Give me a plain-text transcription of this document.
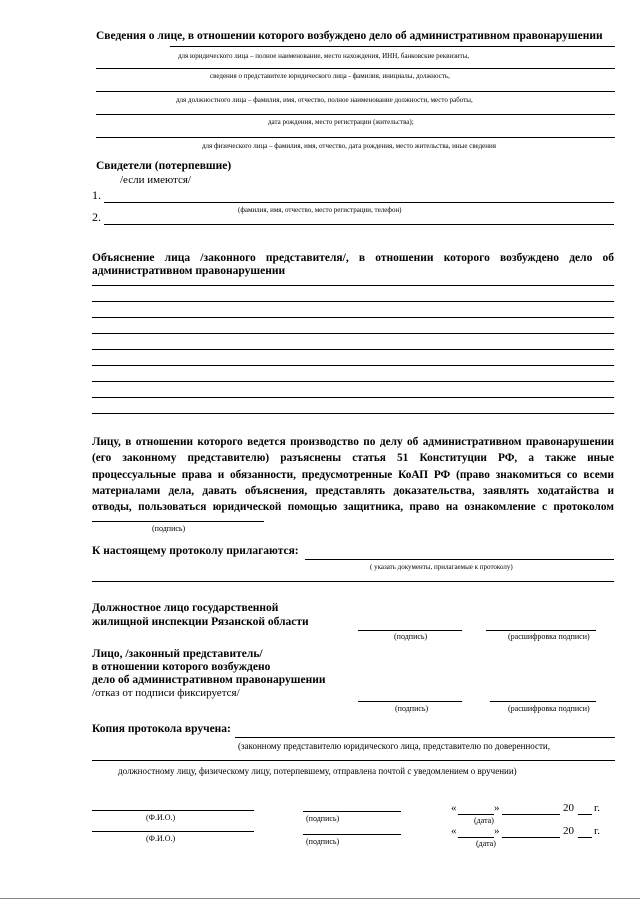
Сведения о лице, в отношении которого возбуждено дело об административном правонарушении
для юридического лица – полное наименование, место нахождения, ИНН, банковские реквизиты,
сведения о представителе юридического лица - фамилия, инициалы, должность,
для должностного лица – фамилия, имя, отчество, полное наименование должности, место работы,
дата рождения, место регистрации (жительства);
для физического лица – фамилия, имя, отчество, дата рождения, место жительства, иные сведения
Свидетели (потерпевшие)
/если имеются/
1.
(фамилия, имя, отчество, место регистрации, телефон)
2.
Объяснение лица /законного представителя/, в отношении которого возбуждено дело об
административном правонарушении
Лицу, в отношении которого ведется производство по делу об административном правонарушении
(его законному представителю) разъяснены статья 51 Конституции РФ, а также иные
процессуальные права и обязанности, предусмотренные КоАП РФ (право знакомиться со всеми
материалами дела, давать объяснения, представлять доказательства, заявлять ходатайства и
отводы, пользоваться юридической помощью защитника, право на ознакомление с протоколом
(подпись)
К настоящему протоколу прилагаются:
( указать документы, прилагаемые к протоколу)
Должностное лицо государственной
жилищной инспекции Рязанской области
(подпись)	(расшифровка подписи)
Лицо, /законный представитель/
в отношении которого возбуждено
дело об административном правонарушении
/отказ от подписи фиксируется/
(подпись)	(расшифровка подписи)
Копия протокола вручена:
(законному представителю юридического лица, представителю по доверенности,
должностному лицу, физическому лицу, потерпевшему, отправлена почтой с уведомлением о вручении)
(Ф.И.О.)	(подпись)
«	»	20 г.
(дата)
(Ф.И.О.)	(подпись)
«	»	20 г.
(дата)
